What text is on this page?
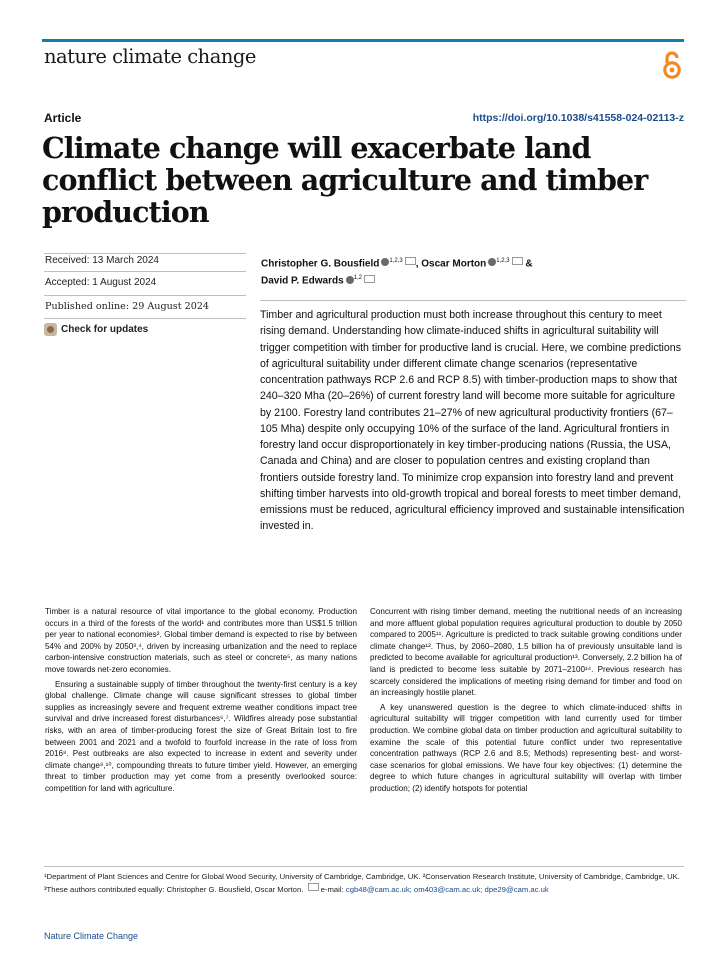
nature climate change
Article	https://doi.org/10.1038/s41558-024-02113-z
Climate change will exacerbate land conflict between agriculture and timber production
Received: 13 March 2024
Accepted: 1 August 2024
Published online: 29 August 2024
Check for updates
Christopher G. Bousfield $^{1,2,3}$ , Oscar Morton $^{1,2,3}$ &
David P. Edwards $^{1,2}$

Timber and agricultural production must both increase throughout this century to meet rising demand. Understanding how climate-induced shifts in agricultural suitability will trigger competition with timber for productive land is crucial. Here, we combine predictions of agricultural suitability under different climate change scenarios (representative concentration pathways RCP 2.6 and RCP 8.5) with timber-production maps to show that 240–320 Mha (20–26%) of current forestry land will become more suitable for agriculture by 2100. Forestry land contributes 21–27% of new agricultural productivity frontiers (67–105 Mha) despite only occupying 10% of the surface of the land. Agricultural frontiers in forestry land occur disproportionately in key timber-producing nations (Russia, the USA, Canada and China) and are closer to population centres and existing cropland than frontiers outside forestry land. To minimize crop expansion into forestry land and prevent shifting timber harvests into old-growth tropical and boreal forests to meet timber demand, emissions must be reduced, agricultural efficiency improved and sustainable intensification invested in.

Timber is a natural resource of vital importance to the global economy. Production occurs in a third of the forests of the world¹ and contributes more than US$1.5 trillion per year to national economies². Global timber demand is expected to rise by between 54% and 200% by 2050³,⁴, driven by increasing urbanization and the need to replace carbon-intensive construction materials, such as steel or concrete⁵, as many nations move towards net-zero economies.

Ensuring a sustainable supply of timber throughout the twenty-first century is a key global challenge. Climate change will cause significant stresses to global timber supplies as increasingly severe and frequent extreme weather conditions impact tree survival and drive increased forest disturbances⁶,⁷. Wildfires already pose substantial risks, with an area of timber-producing forest the size of Great Britain lost to fire between 2001 and 2021 and a twofold to fourfold increase in the rate of loss from 2016⁸. Pest outbreaks are also expected to increase in extent and severity under climate change⁹,¹⁰, compounding threats to future timber yield. However, an emerging threat to timber production may yet come from a presently overlooked source: competition for land with agriculture.

Concurrent with rising timber demand, meeting the nutritional needs of an increasing and more affluent global population requires agricultural production to double by 2050 compared to 2005¹¹. Agriculture is predicted to track suitable growing conditions under climate change¹². Thus, by 2060–2080, 1.5 billion ha of previously unsuitable land is predicted to become available for agricultural production¹³. Conversely, 2.2 billion ha of land is predicted to become less suitable by 2071–2100¹⁴. Previous research has scarcely considered the implications of meeting rising demand for timber and food on an increasingly hostile planet.

A key unanswered question is the degree to which climate-induced shifts in agricultural suitability will trigger competition with land currently used for timber production. We combine global data on timber production and agricultural suitability to examine the scale of this potential future conflict under two representative concentration pathways (RCP 2.6 and 8.5; Methods) representing best- and worst-case scenarios for global emissions. We have four key objectives: (1) determine the degree to which future changes in agricultural suitability will overlap with timber production; (2) identify hotspots for potential

¹Department of Plant Sciences and Centre for Global Wood Security, University of Cambridge, Cambridge, UK. ²Conservation Research Institute, University of Cambridge, Cambridge, UK. ³These authors contributed equally: Christopher G. Bousfield, Oscar Morton. e-mail: cgb48@cam.ac.uk; om403@cam.ac.uk; dpe29@cam.ac.uk
Nature Climate Change
